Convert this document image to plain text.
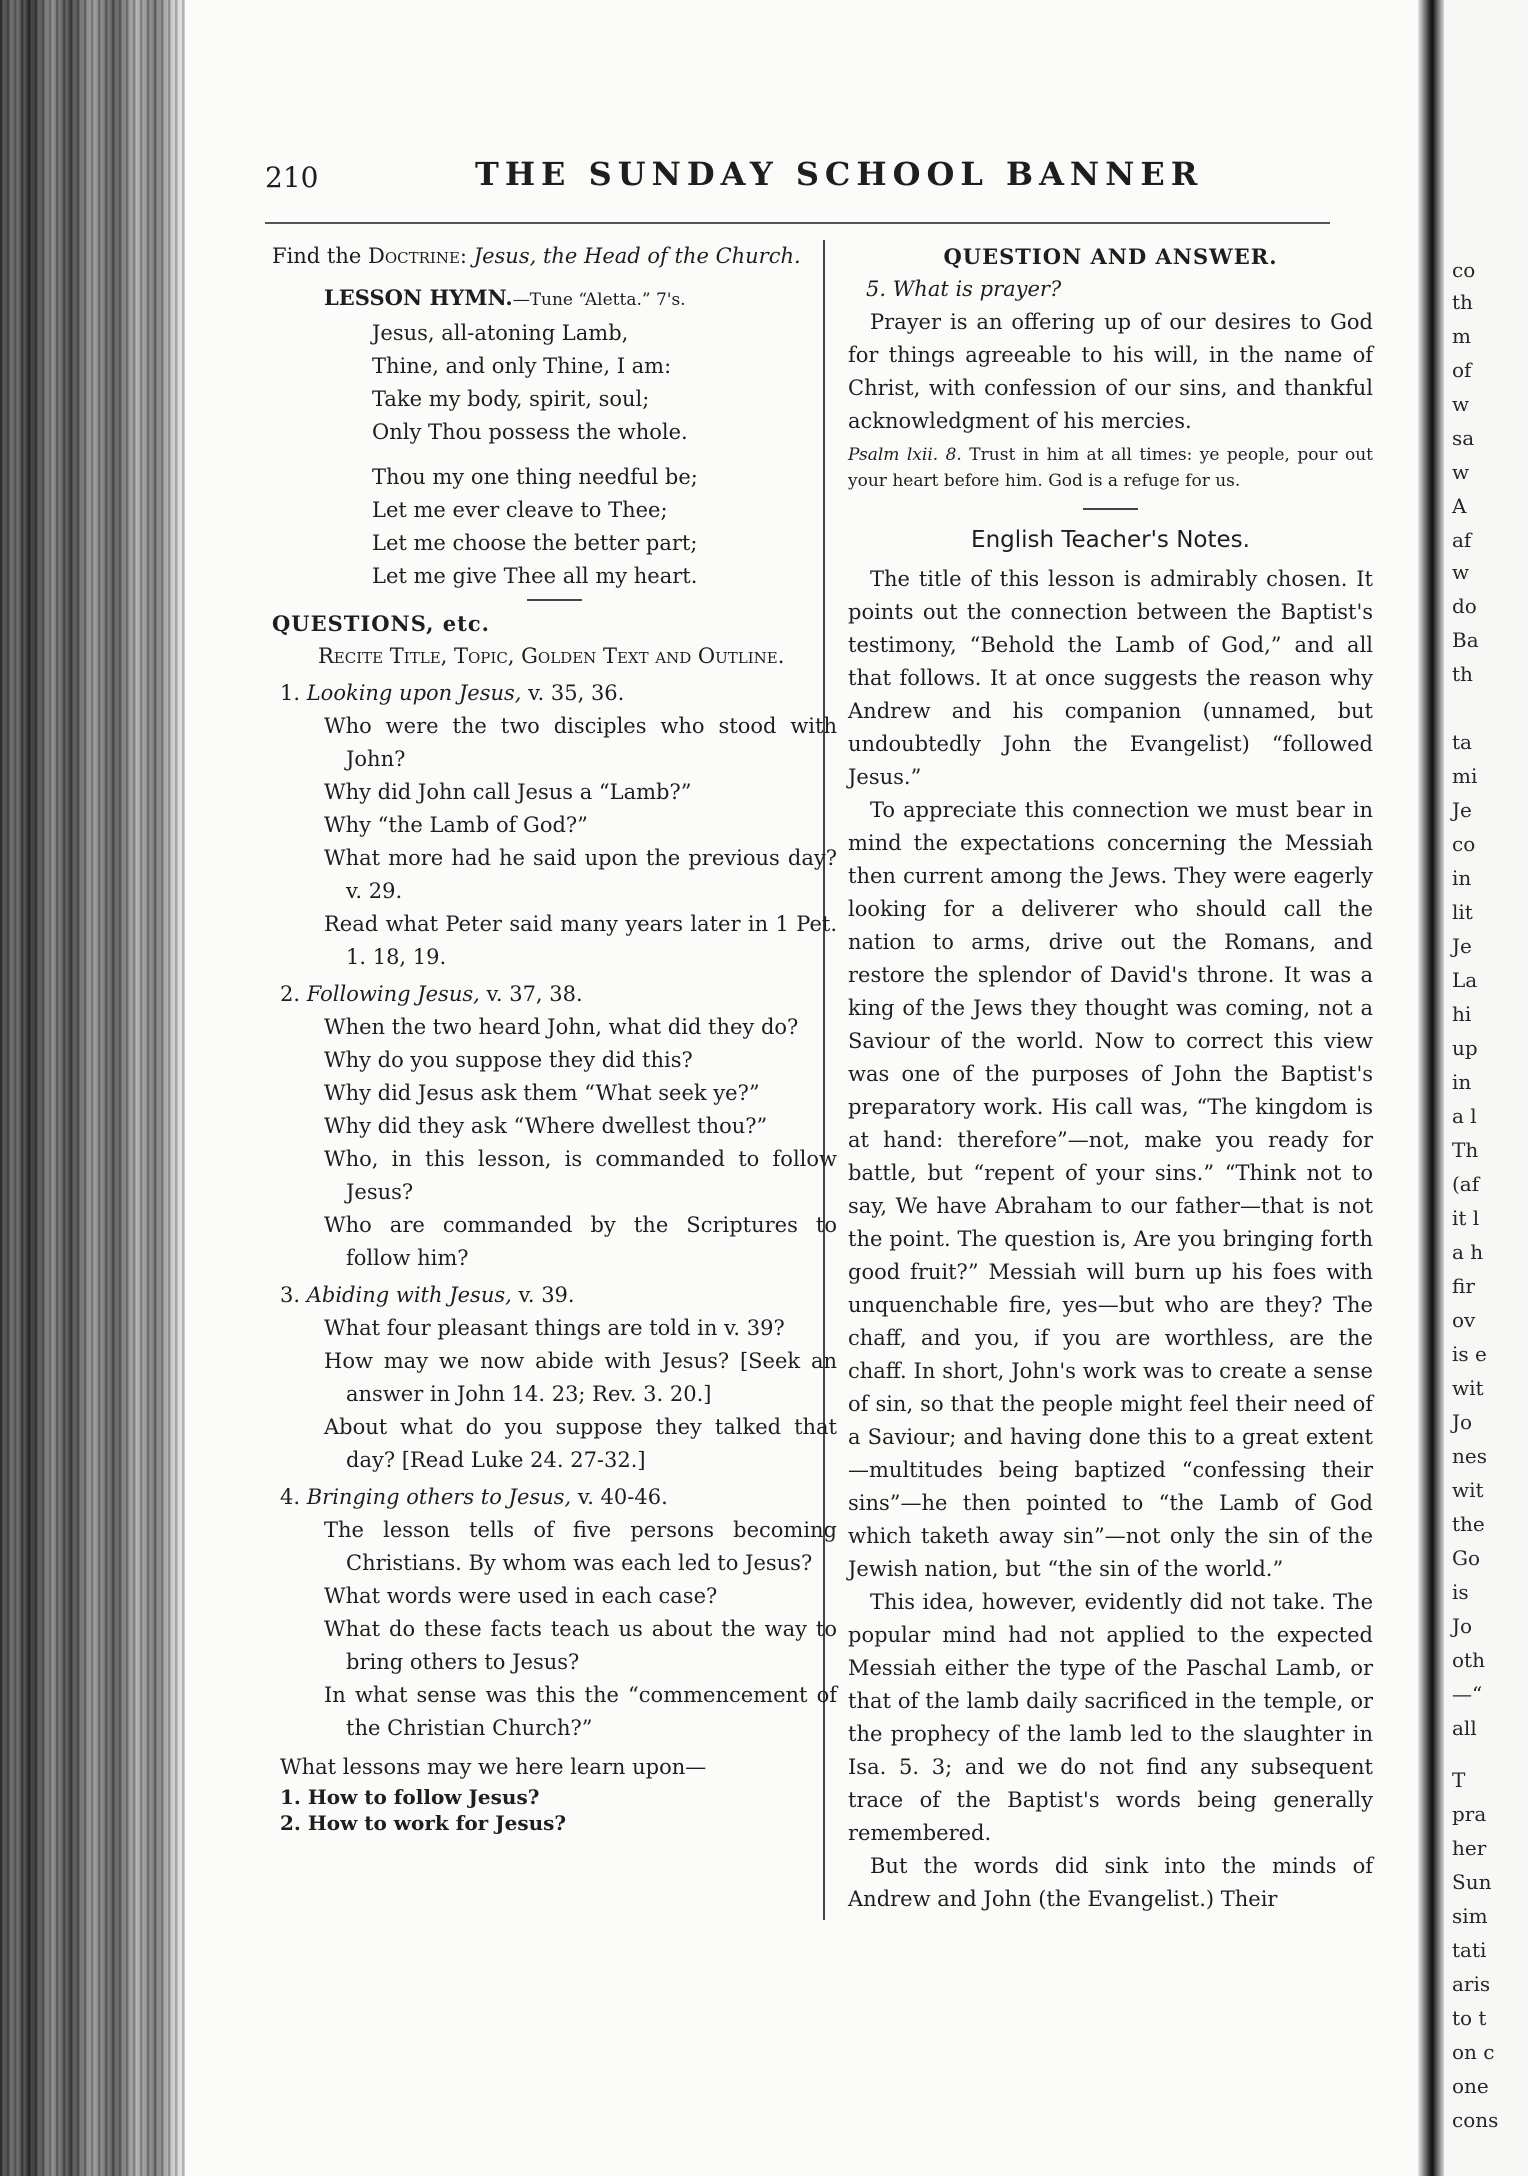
co
th
m
of
w
sa
w
A
af
w
do
Ba
th
ta
mi
Je
co
in
lit
Je
La
hi
up
in
a l
Th
(af
it l
a h
fir
ov
is e
wit
Jo
nes
wit
the
Go
is
Jo
oth
—“
all
T
pra
her
Sun
sim
tati
aris
to t
on c
one
cons
210	THE SUNDAY SCHOOL BANNER

Find the Doctrine: Jesus, the Head of the Church.

LESSON HYMN.—Tune “Aletta.” 7's.

Jesus, all-atoning Lamb,

Thine, and only Thine, I am:

Take my body, spirit, soul;

Only Thou possess the whole.

Thou my one thing needful be;

Let me ever cleave to Thee;

Let me choose the better part;

Let me give Thee all my heart.

QUESTIONS, etc.

Recite Title, Topic, Golden Text and Outline.

1. Looking upon Jesus, v. 35, 36.

Who were the two disciples who stood with John?

Why did John call Jesus a “Lamb?”

Why “the Lamb of God?”

What more had he said upon the previous day? v. 29.

Read what Peter said many years later in 1 Pet. 1. 18, 19.

2. Following Jesus, v. 37, 38.

When the two heard John, what did they do?

Why do you suppose they did this?

Why did Jesus ask them “What seek ye?”

Why did they ask “Where dwellest thou?”

Who, in this lesson, is commanded to follow Jesus?

Who are commanded by the Scriptures to follow him?

3. Abiding with Jesus, v. 39.

What four pleasant things are told in v. 39?

How may we now abide with Jesus? [Seek an answer in John 14. 23; Rev. 3. 20.]

About what do you suppose they talked that day? [Read Luke 24. 27-32.]

4. Bringing others to Jesus, v. 40-46.

The lesson tells of five persons becoming Christians. By whom was each led to Jesus?

What words were used in each case?

What do these facts teach us about the way to bring others to Jesus?

In what sense was this the “commencement of the Christian Church?”

What lessons may we here learn upon—

1. How to follow Jesus?

2. How to work for Jesus?

QUESTION AND ANSWER.

5. What is prayer?

Prayer is an offering up of our desires to God for things agreeable to his will, in the name of Christ, with confession of our sins, and thankful acknowledgment of his mercies.

Psalm lxii. 8. Trust in him at all times: ye people, pour out your heart before him. God is a refuge for us.

English Teacher's Notes.

The title of this lesson is admirably chosen. It points out the connection between the Baptist's testimony, “Behold the Lamb of God,” and all that follows. It at once suggests the reason why Andrew and his companion (unnamed, but undoubtedly John the Evangelist) “followed Jesus.”

To appreciate this connection we must bear in mind the expectations concerning the Messiah then current among the Jews. They were eagerly looking for a deliverer who should call the nation to arms, drive out the Romans, and restore the splendor of David's throne. It was a king of the Jews they thought was coming, not a Saviour of the world. Now to correct this view was one of the purposes of John the Baptist's preparatory work. His call was, “The kingdom is at hand: therefore”—not, make you ready for battle, but “repent of your sins.” “Think not to say, We have Abraham to our father—that is not the point. The question is, Are you bringing forth good fruit?” Messiah will burn up his foes with unquenchable fire, yes—but who are they? The chaff, and you, if you are worthless, are the chaff. In short, John's work was to create a sense of sin, so that the people might feel their need of a Saviour; and having done this to a great extent—multitudes being baptized “confessing their sins”—he then pointed to “the Lamb of God which taketh away sin”—not only the sin of the Jewish nation, but “the sin of the world.”

This idea, however, evidently did not take. The popular mind had not applied to the expected Messiah either the type of the Paschal Lamb, or that of the lamb daily sacrificed in the temple, or the prophecy of the lamb led to the slaughter in Isa. 5. 3; and we do not find any subsequent trace of the Baptist's words being generally remembered.

But the words did sink into the minds of Andrew and John (the Evangelist.) Their
